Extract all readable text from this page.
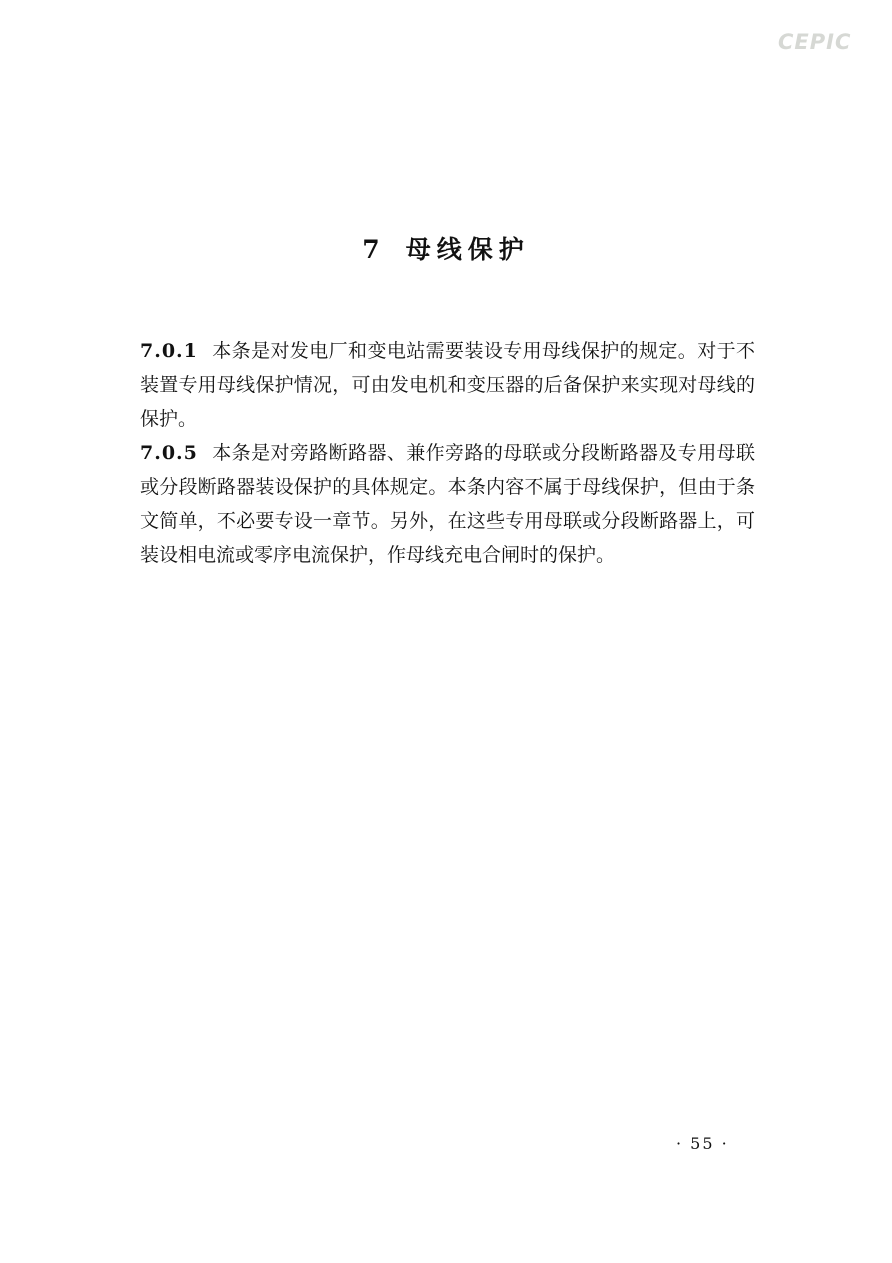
CEPIC
7 母线保护

7.0.1 本条是对发电厂和变电站需要装设专用母线保护的规定。对于不装置专用母线保护情况，可由发电机和变压器的后备保护来实现对母线的保护。

7.0.5 本条是对旁路断路器、兼作旁路的母联或分段断路器及专用母联或分段断路器装设保护的具体规定。本条内容不属于母线保护，但由于条文简单，不必要专设一章节。另外，在这些专用母联或分段断路器上，可装设相电流或零序电流保护，作母线充电合闸时的保护。

· 55 ·
